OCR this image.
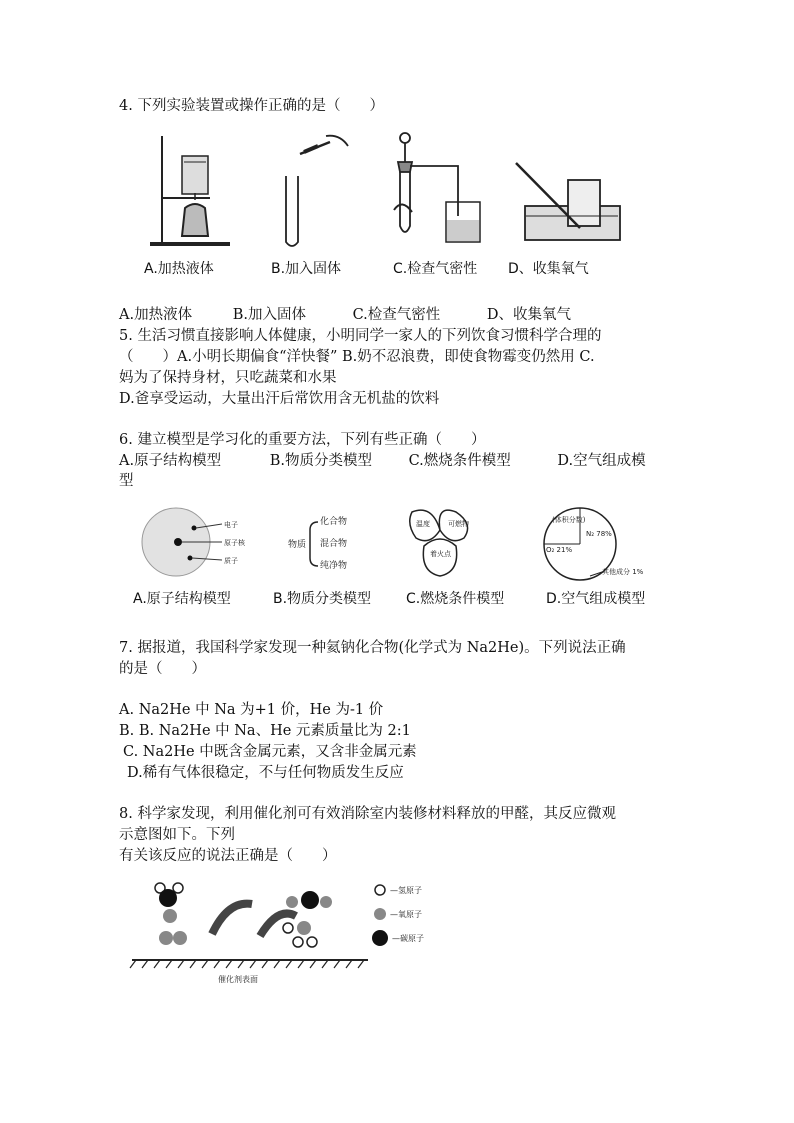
4. 下列实验装置或操作正确的是（　　）
A.加热液体	B.加入固体	C.检查气密性 D、收集氧气
A.加热液体	B.加入固体	C.检查气密性	D、收集氧气
5. 生活习惯直接影响人体健康，小明同学一家人的下列饮食习惯科学合理的
（　　）A.小明长期偏食“洋快餐” B.奶不忍浪费，即使食物霉变仍然用 C.
妈为了保持身材，只吃蔬菜和水果
D.爸享受运动，大量出汗后常饮用含无机盐的饮料
6. 建立模型是学习化的重要方法，下列有些正确（　　）
A.原子结构模型	B.物质分类模型	C.燃烧条件模型	D.空气组成模
型
电子
原子核
质子
物质
化合物
混合物
纯净物
温度	可燃物
着火点
(体积分数)
N₂ 78%
O₂ 21%
其他成分 1%
A.原子结构模型	B.物质分类模型 C.燃烧条件模型	D.空气组成模型
7. 据报道，我国科学家发现一种氦钠化合物(化学式为 Na2He)。下列说法正确
的是（　　）
A. Na2He 中 Na 为+1 价，He 为-1 价
B. B. Na2He 中 Na、He 元素质量比为 2:1
C. Na2He 中既含金属元素，又含非金属元素
D.稀有气体很稳定，不与任何物质发生反应
8. 科学家发现，利用催化剂可有效消除室内装修材料释放的甲醛，其反应微观
示意图如下。下列
有关该反应的说法正确是（　　）
催化剂表面
—氢原子
—氧原子
—碳原子
